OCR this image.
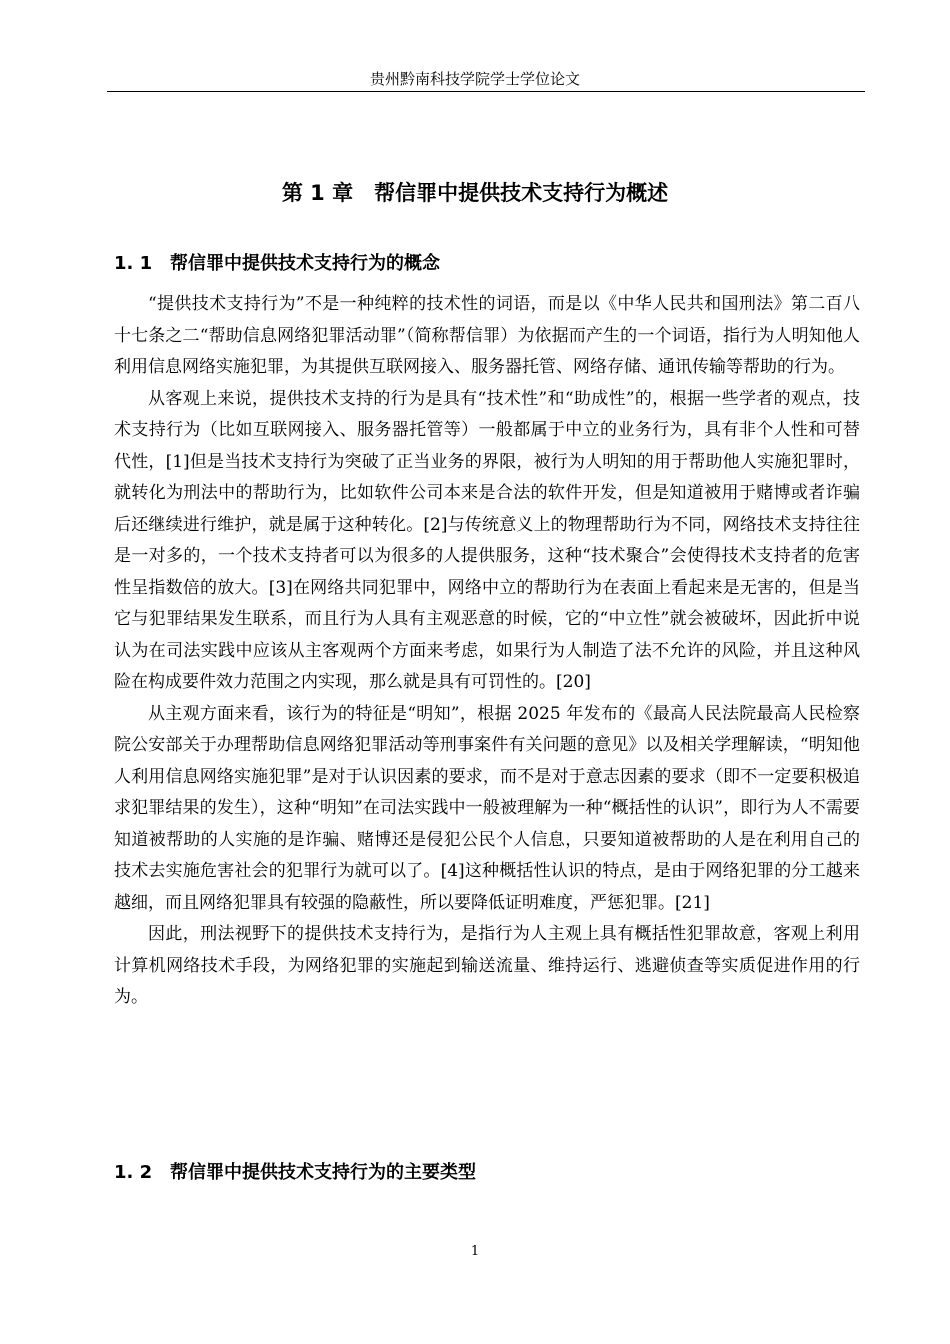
贵州黔南科技学院学士学位论文
第 1 章　帮信罪中提供技术支持行为概述
1. 1 帮信罪中提供技术支持行为的概念

“提供技术支持行为”不是一种纯粹的技术性的词语，而是以《中华人民共和国刑法》第二百八十七条之二“帮助信息网络犯罪活动罪”（简称帮信罪）为依据而产生的一个词语，指行为人明知他人利用信息网络实施犯罪，为其提供互联网接入、服务器托管、网络存储、通讯传输等帮助的行为。

从客观上来说，提供技术支持的行为是具有“技术性”和“助成性”的，根据一些学者的观点，技术支持行为（比如互联网接入、服务器托管等）一般都属于中立的业务行为，具有非个人性和可替代性，[1]但是当技术支持行为突破了正当业务的界限，被行为人明知的用于帮助他人实施犯罪时，就转化为刑法中的帮助行为，比如软件公司本来是合法的软件开发，但是知道被用于赌博或者诈骗后还继续进行维护，就是属于这种转化。[2]与传统意义上的物理帮助行为不同，网络技术支持往往是一对多的，一个技术支持者可以为很多的人提供服务，这种“技术聚合”会使得技术支持者的危害性呈指数倍的放大。[3]在网络共同犯罪中，网络中立的帮助行为在表面上看起来是无害的，但是当它与犯罪结果发生联系，而且行为人具有主观恶意的时候，它的“中立性”就会被破坏，因此折中说认为在司法实践中应该从主客观两个方面来考虑，如果行为人制造了法不允许的风险，并且这种风险在构成要件效力范围之内实现，那么就是具有可罚性的。[20]

从主观方面来看，该行为的特征是“明知”，根据 2025 年发布的《最高人民法院最高人民检察院公安部关于办理帮助信息网络犯罪活动等刑事案件有关问题的意见》以及相关学理解读，“明知他人利用信息网络实施犯罪”是对于认识因素的要求，而不是对于意志因素的要求（即不一定要积极追求犯罪结果的发生），这种“明知”在司法实践中一般被理解为一种“概括性的认识”，即行为人不需要知道被帮助的人实施的是诈骗、赌博还是侵犯公民个人信息，只要知道被帮助的人是在利用自己的技术去实施危害社会的犯罪行为就可以了。[4]这种概括性认识的特点，是由于网络犯罪的分工越来越细，而且网络犯罪具有较强的隐蔽性，所以要降低证明难度，严惩犯罪。[21]

因此，刑法视野下的提供技术支持行为，是指行为人主观上具有概括性犯罪故意，客观上利用计算机网络技术手段，为网络犯罪的实施起到输送流量、维持运行、逃避侦查等实质促进作用的行为。

1. 2 帮信罪中提供技术支持行为的主要类型
1
